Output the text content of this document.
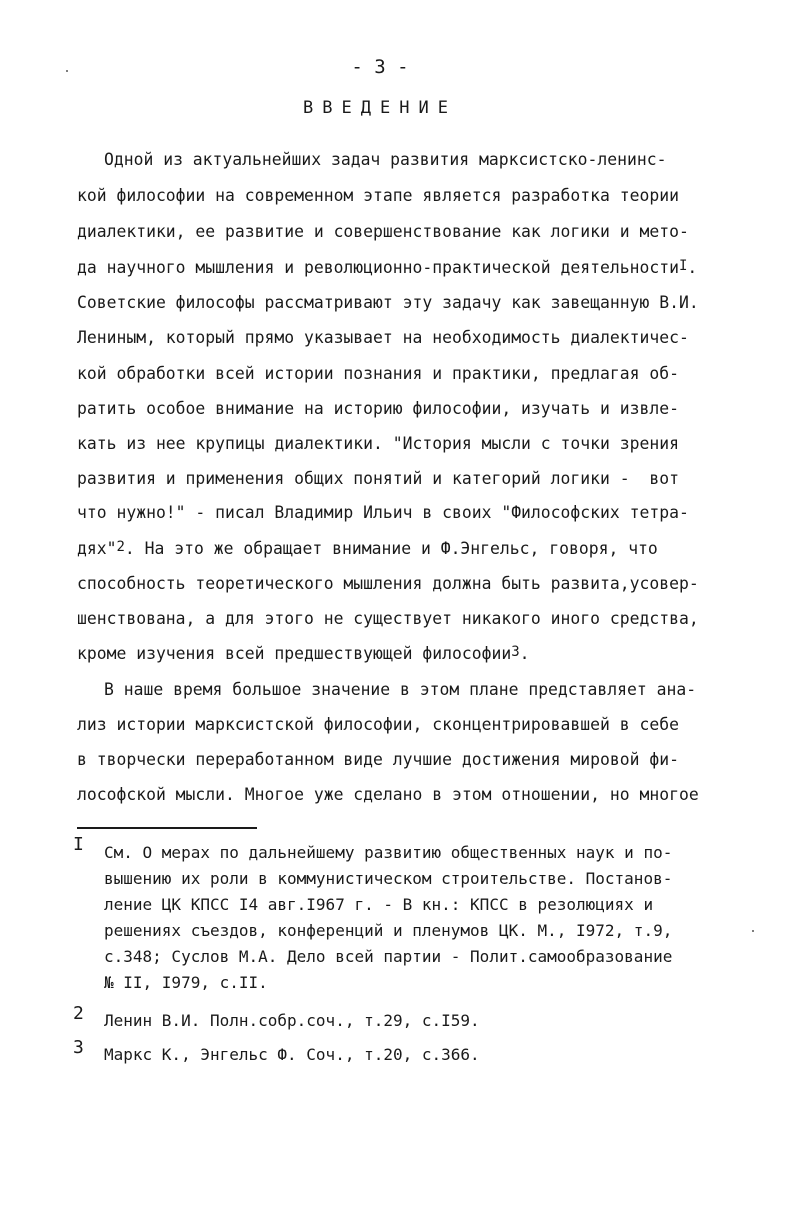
- 3 -
ВВЕДЕНИЕ
Одной из актуальнейших задач развития марксистско-ленинс-
кой философии на современном этапе является разработка теории
диалектики, ее развитие и совершенствование как логики и мето-
да научного мышления и революционно-практической деятельности$^I$.
Советские философы рассматривают эту задачу как завещанную В.И.
Лениным, который прямо указывает на необходимость диалектичес-
кой обработки всей истории познания и практики, предлагая об-
ратить особое внимание на историю философии, изучать и извле-
кать из нее крупицы диалектики. "История мысли с точки зрения
развития и применения общих понятий и категорий логики -  вот
что нужно!" - писал Владимир Ильич в своих "Философских тетра-
дях"$^2$. На это же обращает внимание и Ф.Энгельс, говоря, что
способность теоретического мышления должна быть развита,усовер-
шенствована, а для этого не существует никакого иного средства,
кроме изучения всей предшествующей философии$^3$.
В наше время большое значение в этом плане представляет ана-
лиз истории марксистской философии, сконцентрировавшей в себе
в творчески переработанном виде лучшие достижения мировой фи-
лософской мысли. Многое уже сделано в этом отношении, но многое
I См. О мерах по дальнейшему развитию общественных наук и по-
вышению их роли в коммунистическом строительстве. Постанов-
ление ЦК КПСС I4 авг.I967 г. - В кн.: КПСС в резолюциях и
решениях съездов, конференций и пленумов ЦК. М., I972, т.9,
с.348; Суслов М.А. Дело всей партии - Полит.самообразование
№ II, I979, с.II.
2 Ленин В.И. Полн.собр.соч., т.29, с.I59.
3 Маркс К., Энгельс Ф. Соч., т.20, с.366.
